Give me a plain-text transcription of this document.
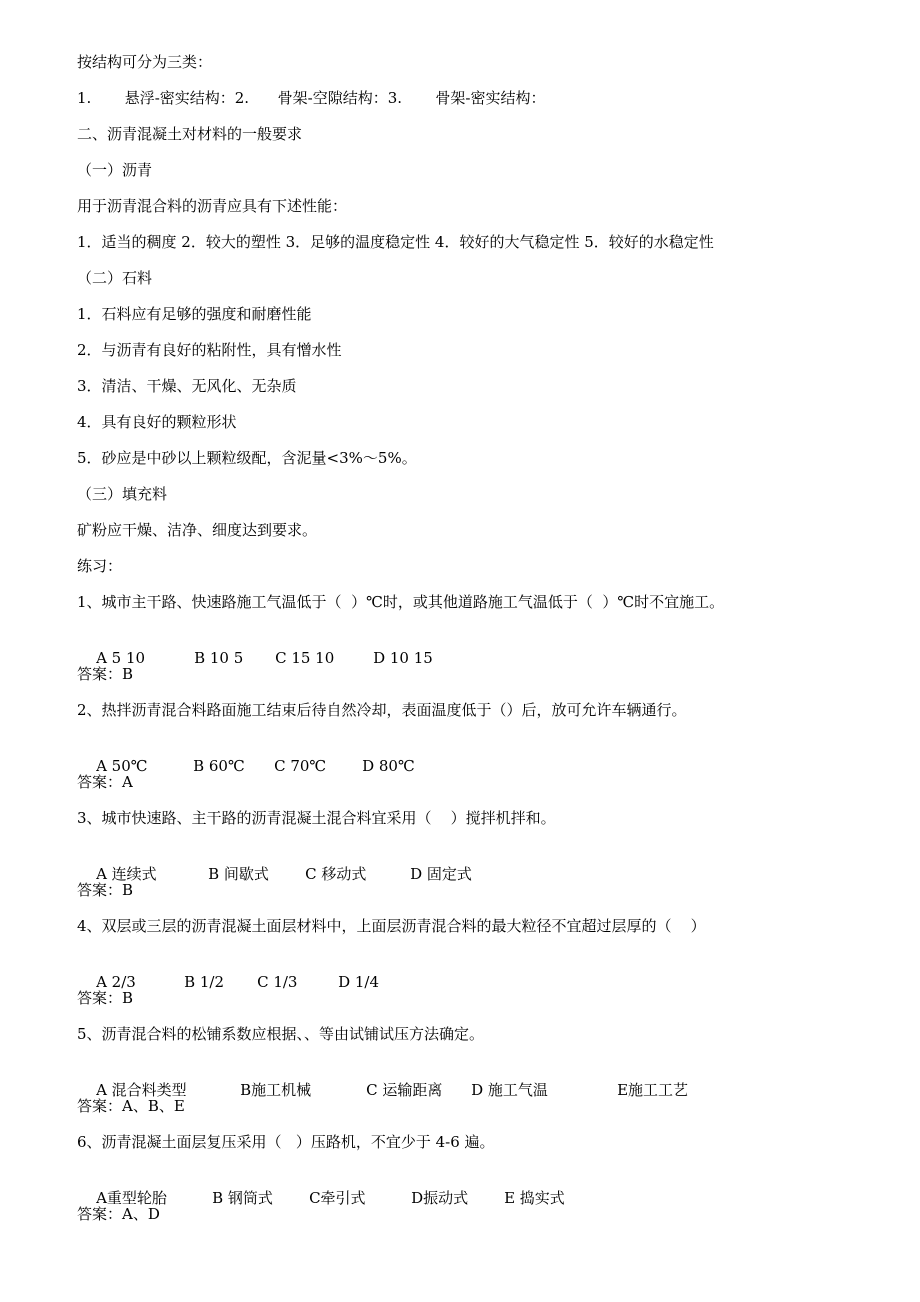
按结构可分为三类：
1.       悬浮-密实结构：2.      骨架-空隙结构：3.       骨架-密实结构：
二、沥青混凝土对材料的一般要求
（一）沥青
用于沥青混合料的沥青应具有下述性能：
1．适当的稠度 2．较大的塑性 3．足够的温度稳定性 4．较好的大气稳定性 5．较好的水稳定性
（二）石料
1．石料应有足够的强度和耐磨性能
2．与沥青有良好的粘附性，具有憎水性
3．清洁、干燥、无风化、无杂质
4．具有良好的颗粒形状
5．砂应是中砂以上颗粒级配，含泥量<3%～5%。
（三）填充料
矿粉应干燥、洁净、细度达到要求。
练习：
1、城市主干路、快速路施工气温低于（  ）℃时，或其他道路施工气温低于（  ）℃时不宜施工。

A 5 10	B 10 5 C 15 10	D 10 15

答案：B
2、热拌沥青混合料路面施工结束后待自然冷却，表面温度低于（）后，放可允许车辆通行。

A 50℃	B 60℃ C 70℃ D 80℃

答案：A
3、城市快速路、主干路的沥青混凝土混合料宜采用（    ）搅拌机拌和。

A 连续式	B 间歇式 C 移动式	D 固定式

答案：B
4、双层或三层的沥青混凝土面层材料中，上面层沥青混合料的最大粒径不宜超过层厚的（    ）

A 2/3	B 1/2 C 1/3	D 1/4

答案：B
5、沥青混合料的松铺系数应根据、、等由试铺试压方法确定。

A 混合料类型	B施工机械	C 运输距离 D 施工气温	E施工工艺

答案：A、B、E
6、沥青混凝土面层复压采用（   ）压路机，不宜少于 4-6 遍。

A重型轮胎	B 钢筒式 C牵引式	D振动式 E 捣实式

答案：A、D
